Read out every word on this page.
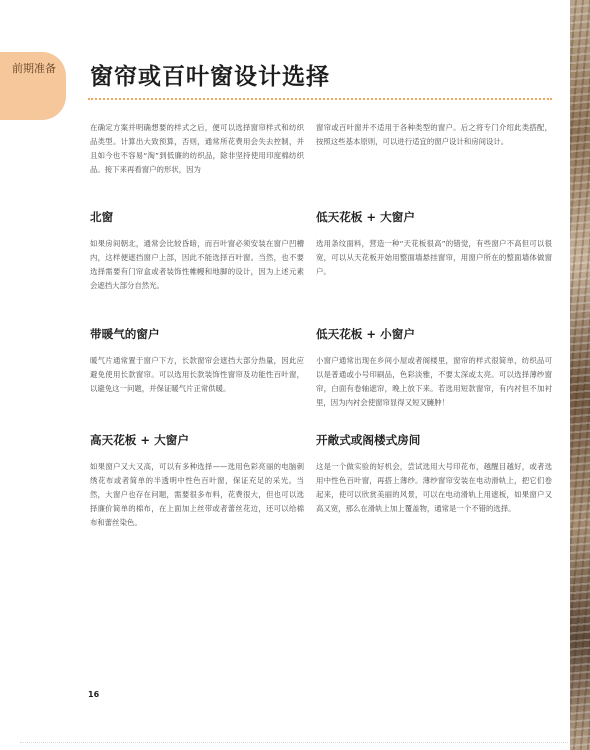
前期准备 窗帘或百叶窗设计选择

在确定方案并明确想要的样式之后，便可以选择窗帘样式和纺织品类型。计算出大致预算，否则，通常所花费用会失去控制，并且如今也不容易“淘”到低廉的纺织品，除非坚持使用印度棉纺织品。接下来再看窗户的形状，因为

窗帘或百叶窗并不适用于各种类型的窗户。后之将专门介绍此类搭配，按照这些基本原则，可以进行适宜的窗户设计和房间设计。

北窗

如果房间朝北，通常会比较昏暗，而百叶窗必须安装在窗户凹槽内，这样便遮挡窗户上部，因此不能选择百叶窗。当然，也不要选择需要有门帘盒或者装饰性帷幔和地脚的设计，因为上述元素会遮挡大部分自然光。

低天花板 + 大窗户

选用条纹面料，营造一种“天花板很高”的错觉，有些窗户不高但可以很宽，可以从天花板开始用整面墙悬挂窗帘，用窗户所在的整面墙体做窗户。

带暖气的窗户

暖气片通常置于窗户下方，长款窗帘会遮挡大部分热量，因此应避免使用长款窗帘。可以选用长款装饰性窗帘及功能性百叶窗，以避免这一问题，并保证暖气片正常供暖。

低天花板 + 小窗户

小窗户通常出现在乡间小屋或者阁楼里，窗帘的样式很简单，纺织品可以是普通或小号印刷品，色彩淡雅，不要太深或太亮。可以选择薄纱窗帘，白面有卷轴遮帘，晚上放下来。若选用短款窗帘，有内衬但不加衬里，因为内衬会使窗帘显得又短又臃肿！

高天花板 + 大窗户

如果窗户又大又高，可以有多种选择——选用色彩亮丽的电脑刺绣花布或者简单的半透明中性色百叶窗，保证充足的采光。当然，大窗户也存在问题，需要很多布料，花费很大，但也可以选择廉价简单的棉布，在上面加上丝带或者蕾丝花边，还可以给棉布和蕾丝染色。

开敞式或阁楼式房间

这是一个做实验的好机会，尝试选用大号印花布，越醒目越好，或者选用中性色百叶窗，再搭上薄纱。薄纱窗帘安装在电动滑轨上，把它们卷起来，使可以欣赏美丽的风景，可以在电动滑轨上用遮板，如果窗户又高又宽，那么在滑轨上加上覆盖物，通常是一个不错的选择。

16
